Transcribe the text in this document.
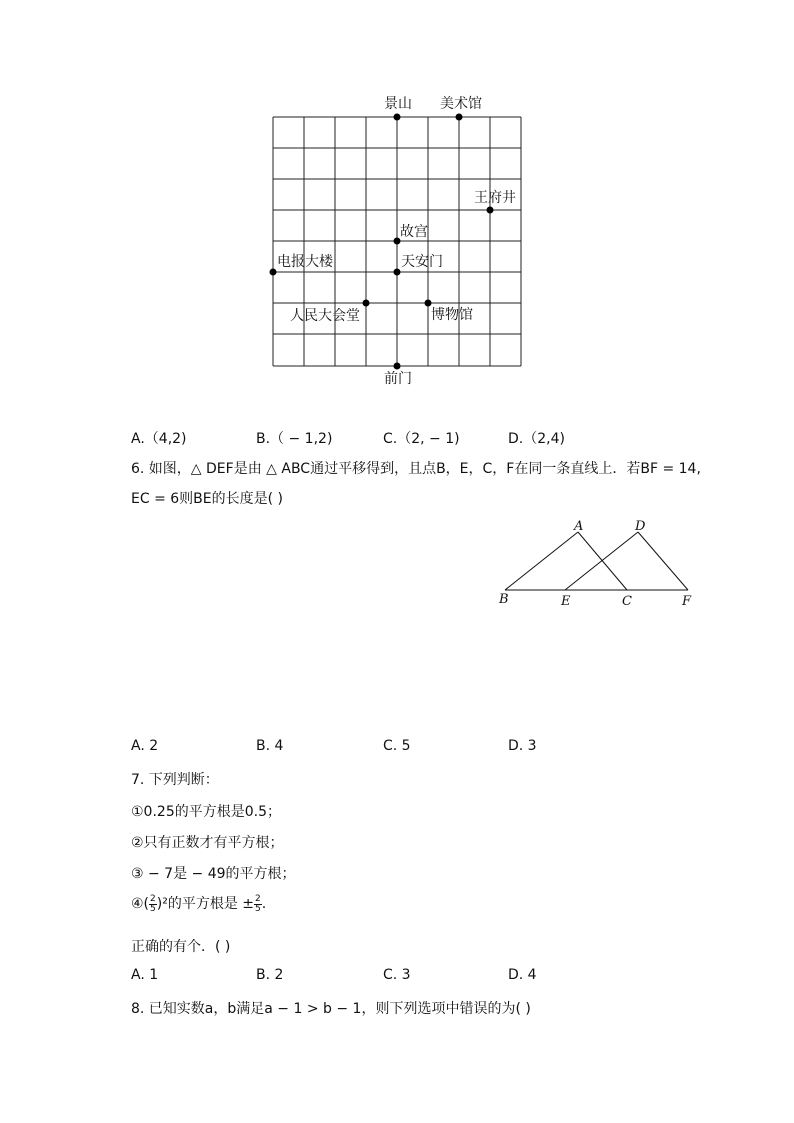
景山 美术馆
王府井
故宫
电报大楼	天安门
人民大会堂	博物馆
前门
A.（4,2)	B.（ − 1,2)	C.（2, − 1)	D.（2,4)
6. 如图，△ DEF是由 △ ABC通过平移得到，且点B，E，C，F在同一条直线上．若BF = 14,
EC = 6则BE的长度是( )
A	D
B	E	C	F
A. 2	B. 4	C. 5	D. 3
7. 下列判断：
①0.25的平方根是0.5；
②只有正数才有平方根；
③ − 7是 − 49的平方根；
④( $\frac{2}{5} )^2$的平方根是 ± $\frac{2}{5}$ .
正确的有个．( )
A. 1	B. 2	C. 3	D. 4
8. 已知实数a，b满足a − 1 > b − 1，则下列选项中错误的为( )
